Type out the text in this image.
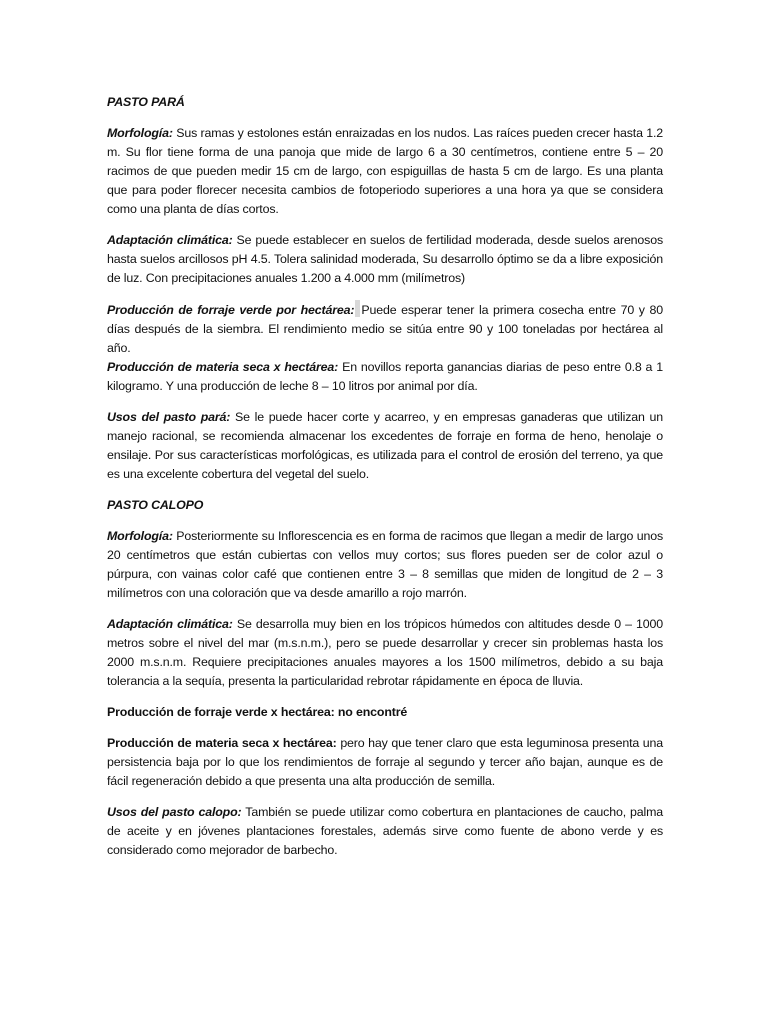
PASTO PARÁ

Morfología: Sus ramas y estolones están enraizadas en los nudos. Las raíces pueden crecer hasta 1.2 m. Su flor tiene forma de una panoja que mide de largo 6 a 30 centímetros, contiene entre 5 – 20 racimos de que pueden medir 15 cm de largo, con espiguillas de hasta 5 cm de largo. Es una planta que para poder florecer necesita cambios de fotoperiodo superiores a una hora ya que se considera como una planta de días cortos.

Adaptación climática: Se puede establecer en suelos de fertilidad moderada, desde suelos arenosos hasta suelos arcillosos pH 4.5. Tolera salinidad moderada, Su desarrollo óptimo se da a libre exposición de luz. Con precipitaciones anuales 1.200 a 4.000 mm (milímetros)

Producción de forraje verde por hectárea: Puede esperar tener la primera cosecha entre 70 y 80 días después de la siembra. El rendimiento medio se sitúa entre 90 y 100 toneladas por hectárea al año.

Producción de materia seca x hectárea: En novillos reporta ganancias diarias de peso entre 0.8 a 1 kilogramo. Y una producción de leche 8 – 10 litros por animal por día.

Usos del pasto pará: Se le puede hacer corte y acarreo, y en empresas ganaderas que utilizan un manejo racional, se recomienda almacenar los excedentes de forraje en forma de heno, henolaje o ensilaje. Por sus características morfológicas, es utilizada para el control de erosión del terreno, ya que es una excelente cobertura del vegetal del suelo.

PASTO CALOPO

Morfología: Posteriormente su Inflorescencia es en forma de racimos que llegan a medir de largo unos 20 centímetros que están cubiertas con vellos muy cortos; sus flores pueden ser de color azul o púrpura, con vainas color café que contienen entre 3 – 8 semillas que miden de longitud de 2 – 3 milímetros con una coloración que va desde amarillo a rojo marrón.

Adaptación climática: Se desarrolla muy bien en los trópicos húmedos con altitudes desde 0 – 1000 metros sobre el nivel del mar (m.s.n.m.), pero se puede desarrollar y crecer sin problemas hasta los 2000 m.s.n.m. Requiere precipitaciones anuales mayores a los 1500 milímetros, debido a su baja tolerancia a la sequía, presenta la particularidad rebrotar rápidamente en época de lluvia.

Producción de forraje verde x hectárea: no encontré

Producción de materia seca x hectárea: pero hay que tener claro que esta leguminosa presenta una persistencia baja por lo que los rendimientos de forraje al segundo y tercer año bajan, aunque es de fácil regeneración debido a que presenta una alta producción de semilla.

Usos del pasto calopo: También se puede utilizar como cobertura en plantaciones de caucho, palma de aceite y en jóvenes plantaciones forestales, además sirve como fuente de abono verde y es considerado como mejorador de barbecho.
